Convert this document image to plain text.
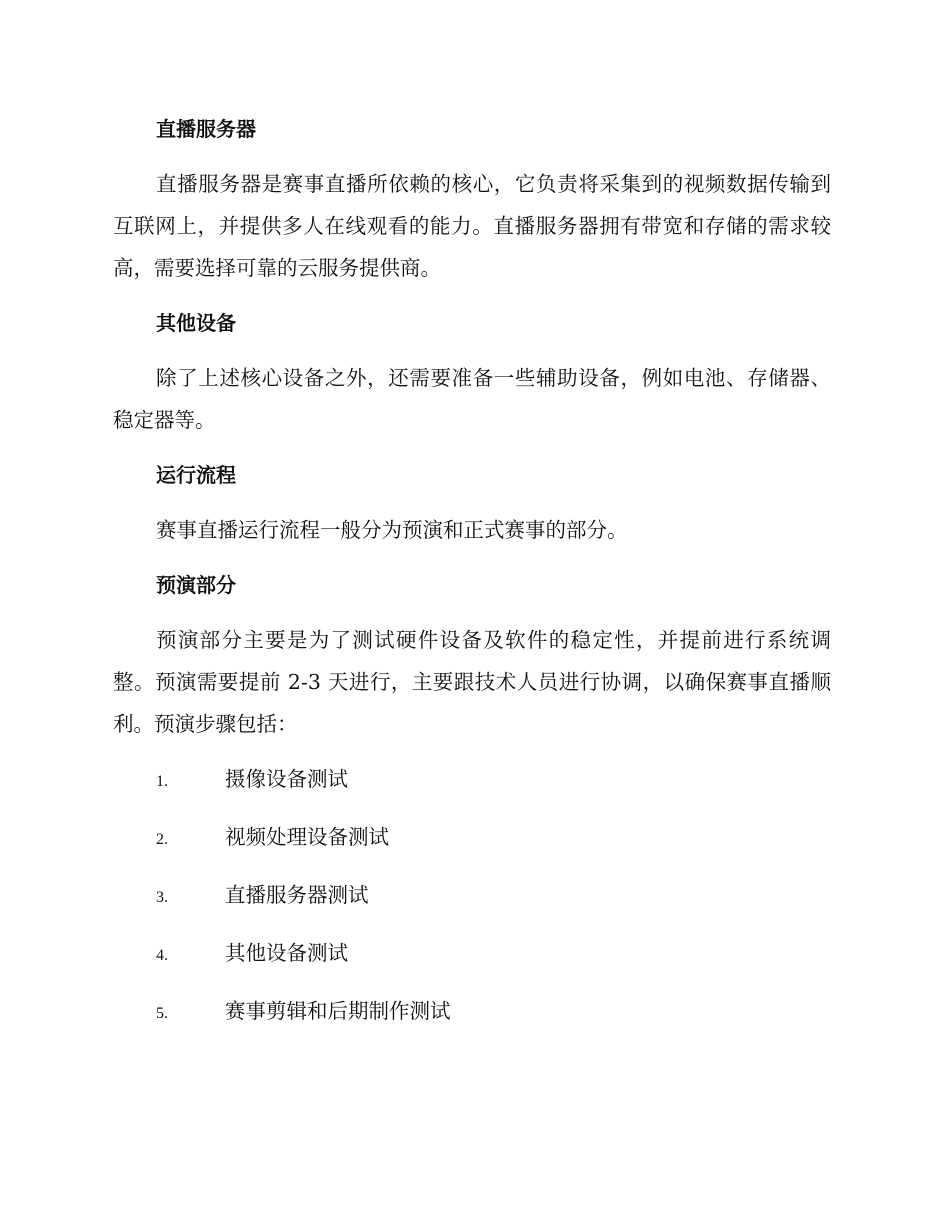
直播服务器

直播服务器是赛事直播所依赖的核心，它负责将采集到的视频数据传输到互联网上，并提供多人在线观看的能力。直播服务器拥有带宽和存储的需求较高，需要选择可靠的云服务提供商。

其他设备

除了上述核心设备之外，还需要准备一些辅助设备，例如电池、存储器、稳定器等。

运行流程

赛事直播运行流程一般分为预演和正式赛事的部分。

预演部分

预演部分主要是为了测试硬件设备及软件的稳定性，并提前进行系统调整。预演需要提前 2-3 天进行，主要跟技术人员进行协调，以确保赛事直播顺利。预演步骤包括：

1.	摄像设备测试
2.	视频处理设备测试
3.	直播服务器测试
4.	其他设备测试
5.	赛事剪辑和后期制作测试
